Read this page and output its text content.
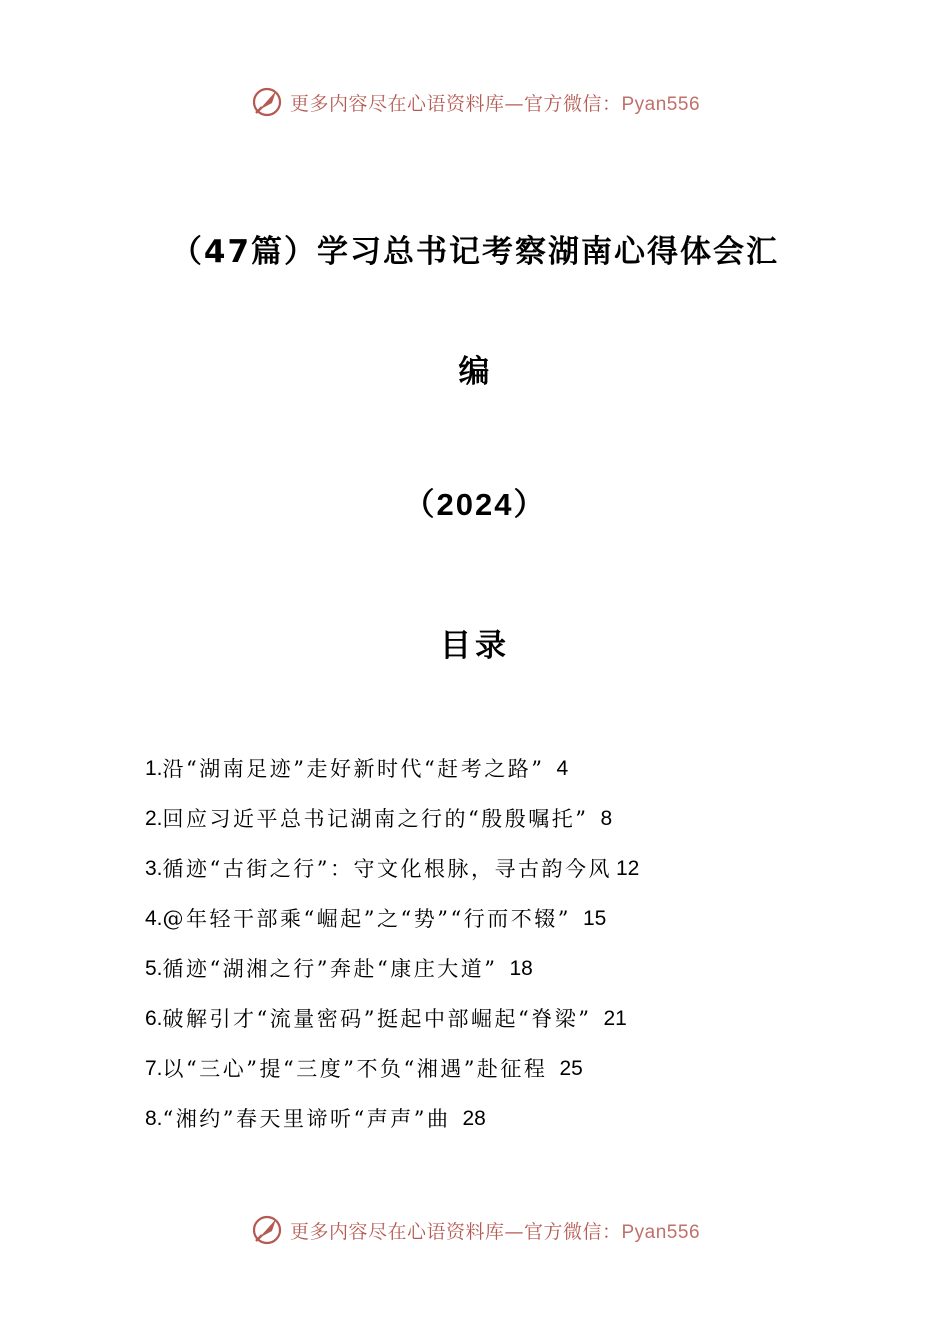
更多内容尽在心语资料库—官方微信：Pyan556
（47篇）学习总书记考察湖南心得体会汇
编
（2024）
目录
1. 沿“湖南足迹”走好新时代“赶考之路” 4
2. 回应习近平总书记湖南之行的“殷殷嘱托” 8
3. 循迹“古街之行”：守文化根脉，寻古韵今风 12
4. @年轻干部乘“崛起”之“势”“行而不辍” 15
5. 循迹“湖湘之行”奔赴“康庄大道” 18
6. 破解引才“流量密码”挺起中部崛起“脊梁” 21
7. 以“三心”提“三度”不负“湘遇”赴征程 25
8. “湘约”春天里谛听“声声”曲 28
更多内容尽在心语资料库—官方微信：Pyan556
